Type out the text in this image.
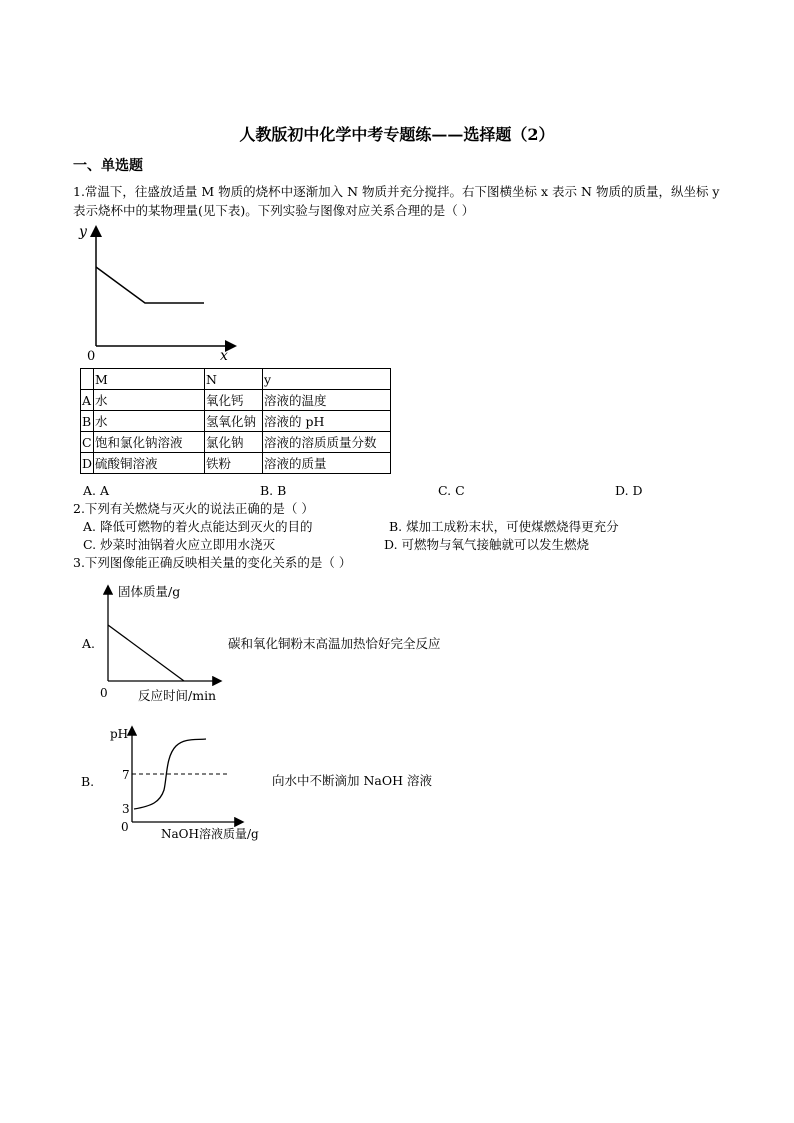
人教版初中化学中考专题练——选择题（2）
一、单选题
1.常温下，往盛放适量 M 物质的烧杯中逐渐加入 N 物质并充分搅拌。右下图横坐标 x 表示 N 物质的质量，纵坐标 y 表示烧杯中的某物理量(见下表)。下列实验与图像对应关系合理的是（ ）
y
0	x
	M	N	y
A	水	氧化钙	溶液的温度
B	水	氢氧化钠	溶液的 pH
C	饱和氯化钠溶液	氯化钠	溶液的溶质质量分数
D	硫酸铜溶液	铁粉	溶液的质量
A. A	B. B	C. C	D. D
2.下列有关燃烧与灭火的说法正确的是（ ）
A. 降低可燃物的着火点能达到灭火的目的	B. 煤加工成粉末状，可使煤燃烧得更充分
C. 炒菜时油锅着火应立即用水浇灭	D. 可燃物与氧气接触就可以发生燃烧
3.下列图像能正确反映相关量的变化关系的是（ ）
A.
固体质量/g
0 反应时间/min
碳和氧化铜粉末高温加热恰好完全反应
B.
pH
7
3
0	NaOH溶液质量/g
向水中不断滴加 NaOH 溶液
